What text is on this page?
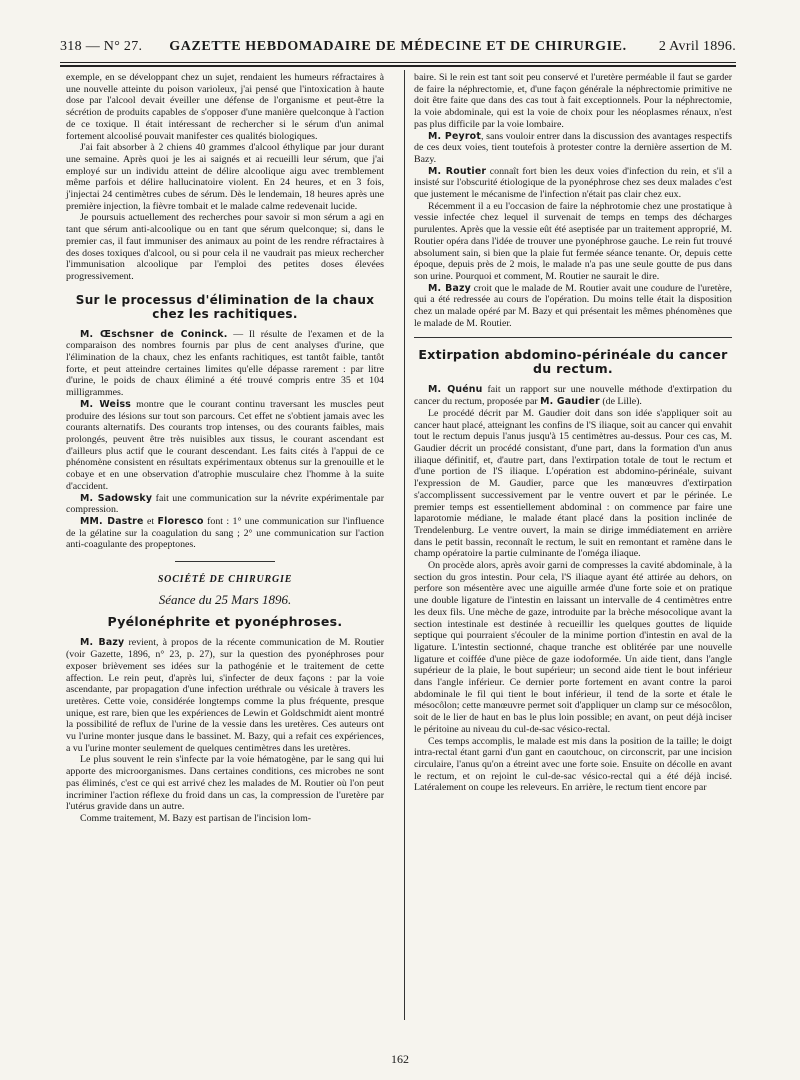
318 — N° 27.	GAZETTE HEBDOMADAIRE DE MÉDECINE ET DE CHIRURGIE.	2 Avril 1896.

exemple, en se développant chez un sujet, rendaient les humeurs réfractaires à une nouvelle atteinte du poison varioleux, j'ai pensé que l'intoxication à haute dose par l'alcool devait éveiller une défense de l'organisme et peut-être la sécrétion de produits capables de s'opposer d'une manière quelconque à l'action de ce toxique. Il était intéressant de rechercher si le sérum d'un animal fortement alcoolisé pouvait manifester ces qualités biologiques.

J'ai fait absorber à 2 chiens 40 grammes d'alcool éthylique par jour durant une semaine. Après quoi je les ai saignés et ai recueilli leur sérum, que j'ai employé sur un individu atteint de délire alcoolique aigu avec tremblement même parfois et délire hallucinatoire violent. En 24 heures, et en 3 fois, j'injectai 24 centimètres cubes de sérum. Dès le lendemain, 18 heures après une première injection, la fièvre tombait et le malade calme redevenait lucide.

Je poursuis actuellement des recherches pour savoir si mon sérum a agi en tant que sérum anti-alcoolique ou en tant que sérum quelconque; si, dans le premier cas, il faut immuniser des animaux au point de les rendre réfractaires à des doses toxiques d'alcool, ou si pour cela il ne vaudrait pas mieux rechercher l'immunisation alcoolique par l'emploi des petites doses élevées progressivement.

Sur le processus d'élimination de la chaux chez les rachitiques.

M. Œschsner de Coninck. — Il résulte de l'examen et de la comparaison des nombres fournis par plus de cent analyses d'urine, que l'élimination de la chaux, chez les enfants rachitiques, est tantôt faible, tantôt forte, et peut atteindre certaines limites qu'elle dépasse rarement : par litre d'urine, le poids de chaux éliminé a été trouvé compris entre 35 et 104 milligrammes.

M. Weiss montre que le courant continu traversant les muscles peut produire des lésions sur tout son parcours. Cet effet ne s'obtient jamais avec les courants alternatifs. Des courants trop intenses, ou des courants faibles, mais prolongés, peuvent être très nuisibles aux tissus, le courant ascendant est d'ailleurs plus actif que le courant descendant. Les faits cités à l'appui de ce phénomène consistent en résultats expérimentaux obtenus sur la grenouille et le cobaye et en une observation d'atrophie musculaire chez l'homme à la suite d'accident.

M. Sadowsky fait une communication sur la névrite expérimentale par compression.

MM. Dastre et Floresco font : 1° une communication sur l'influence de la gélatine sur la coagulation du sang ; 2° une communication sur l'action anti-coagulante des propeptones.

SOCIÉTÉ DE CHIRURGIE
Séance du 25 Mars 1896.
Pyélonéphrite et pyonéphroses.

M. Bazy revient, à propos de la récente communication de M. Routier (voir Gazette, 1896, n° 23, p. 27), sur la question des pyonéphroses pour exposer brièvement ses idées sur la pathogénie et le traitement de cette affection. Le rein peut, d'après lui, s'infecter de deux façons : par la voie ascendante, par propagation d'une infection uréthrale ou vésicale à travers les uretères. Cette voie, considérée longtemps comme la plus fréquente, presque unique, est rare, bien que les expériences de Lewin et Goldschmidt aient montré la possibilité de reflux de l'urine de la vessie dans les uretères. Ces auteurs ont vu l'urine monter jusque dans le bassinet. M. Bazy, qui a refait ces expériences, a vu l'urine monter seulement de quelques centimètres dans les uretères.

Le plus souvent le rein s'infecte par la voie hématogène, par le sang qui lui apporte des microorganismes. Dans certaines conditions, ces microbes ne sont pas éliminés, c'est ce qui est arrivé chez les malades de M. Routier où l'on peut incriminer l'action réflexe du froid dans un cas, la compression de l'uretère par l'utérus gravide dans un autre.

Comme traitement, M. Bazy est partisan de l'incision lom-

baire. Si le rein est tant soit peu conservé et l'uretère perméable il faut se garder de faire la néphrectomie, et, d'une façon générale la néphrectomie primitive ne doit être faite que dans des cas tout à fait exceptionnels. Pour la néphrectomie, la voie abdominale, qui est la voie de choix pour les néoplasmes rénaux, n'est pas plus difficile par la voie lombaire.

M. Peyrot, sans vouloir entrer dans la discussion des avantages respectifs de ces deux voies, tient toutefois à protester contre la dernière assertion de M. Bazy.

M. Routier connaît fort bien les deux voies d'infection du rein, et s'il a insisté sur l'obscurité étiologique de la pyonéphrose chez ses deux malades c'est que justement le mécanisme de l'infection n'était pas clair chez eux.

Récemment il a eu l'occasion de faire la néphrotomie chez une prostatique à vessie infectée chez lequel il survenait de temps en temps des décharges purulentes. Après que la vessie eût été aseptisée par un traitement approprié, M. Routier opéra dans l'idée de trouver une pyonéphrose gauche. Le rein fut trouvé absolument sain, si bien que la plaie fut fermée séance tenante. Or, depuis cette époque, depuis près de 2 mois, le malade n'a pas une seule goutte de pus dans son urine. Pourquoi et comment, M. Routier ne saurait le dire.

M. Bazy croit que le malade de M. Routier avait une coudure de l'uretère, qui a été redressée au cours de l'opération. Du moins telle était la disposition chez un malade opéré par M. Bazy et qui présentait les mêmes phénomènes que le malade de M. Routier.

Extirpation abdomino-périnéale du cancer du rectum.

M. Quénu fait un rapport sur une nouvelle méthode d'extirpation du cancer du rectum, proposée par M. Gaudier (de Lille).

Le procédé décrit par M. Gaudier doit dans son idée s'appliquer soit au cancer haut placé, atteignant les confins de l'S iliaque, soit au cancer qui envahit tout le rectum depuis l'anus jusqu'à 15 centimètres au-dessus. Pour ces cas, M. Gaudier décrit un procédé consistant, d'une part, dans la formation d'un anus iliaque définitif, et, d'autre part, dans l'extirpation totale de tout le rectum et d'une portion de l'S iliaque. L'opération est abdomino-périnéale, suivant l'expression de M. Gaudier, parce que les manœuvres d'extirpation s'accomplissent successivement par le ventre ouvert et par le périnée. Le premier temps est essentiellement abdominal : on commence par faire une laparotomie médiane, le malade étant placé dans la position inclinée de Trendelenburg. Le ventre ouvert, la main se dirige immédiatement en arrière dans le petit bassin, reconnaît le rectum, le suit en remontant et ramène dans le champ opératoire la partie culminante de l'oméga iliaque.

On procède alors, après avoir garni de compresses la cavité abdominale, à la section du gros intestin. Pour cela, l'S iliaque ayant été attirée au dehors, on perfore son mésentère avec une aiguille armée d'une forte soie et on pratique une double ligature de l'intestin en laissant un intervalle de 4 centimètres entre les deux fils. Une mèche de gaze, introduite par la brèche mésocolique avant la section intestinale est destinée à recueillir les quelques gouttes de liquide septique qui pourraient s'écouler de la minime portion d'intestin en aval de la ligature. L'intestin sectionné, chaque tranche est oblitérée par une nouvelle ligature et coiffée d'une pièce de gaze iodoformée. Un aide tient, dans l'angle supérieur de la plaie, le bout supérieur; un second aide tient le bout inférieur dans l'angle inférieur. Ce dernier porte fortement en avant contre la paroi abdominale le fil qui tient le bout inférieur, il tend de la sorte et étale le mésocôlon; cette manœuvre permet soit d'appliquer un clamp sur ce mésocôlon, soit de le lier de haut en bas le plus loin possible; en avant, on peut déjà inciser le péritoine au niveau du cul-de-sac vésico-rectal.

Ces temps accomplis, le malade est mis dans la position de la taille; le doigt intra-rectal étant garni d'un gant en caoutchouc, on circonscrit, par une incision circulaire, l'anus qu'on a étreint avec une forte soie. Ensuite on décolle en avant le rectum, et on rejoint le cul-de-sac vésico-rectal qui a été déjà incisé. Latéralement on coupe les releveurs. En arrière, le rectum tient encore par

162
